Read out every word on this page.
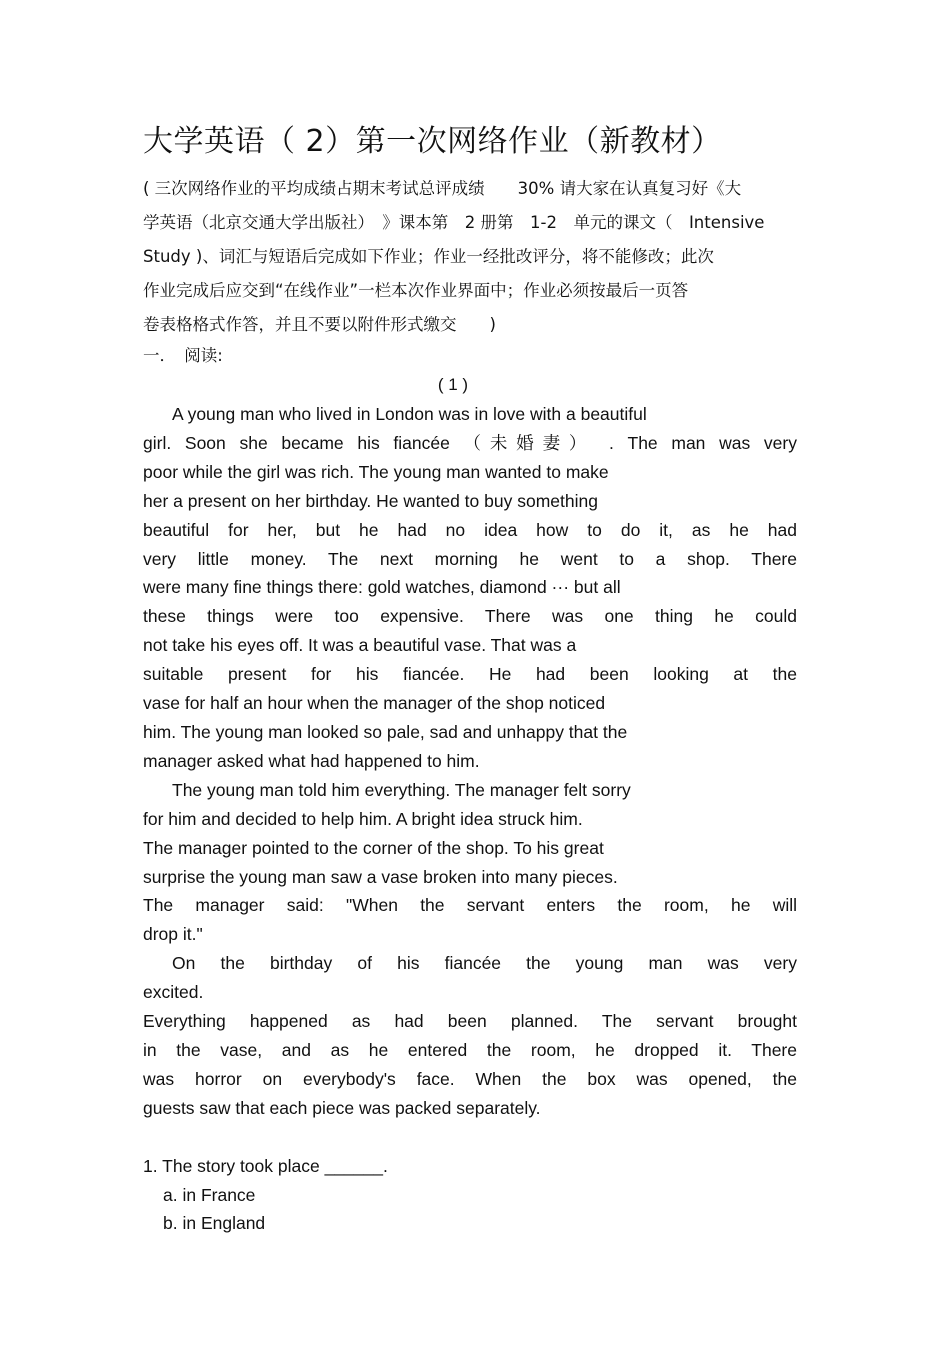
大学英语（ 2）第一次网络作业（新教材）

( 三次网络作业的平均成绩占期末考试总评成绩　　30% 请大家在认真复习好《大

学英语（北京交通大学出版社）　》课本第　2 册第　1-2　单元的课文（　Intensive

Study )、词汇与短语后完成如下作业；作业一经批改评分，将不能修改；此次

作业完成后应交到“在线作业”一栏本次作业界面中；作业必须按最后一页答

卷表格格式作答，并且不要以附件形式缴交　　)

一．　阅读:

( 1 )

A young man who lived in London was in love with a beautiful

girl. Soon she became his fiancée （未婚妻） . The man was very

poor while the girl was rich. The young man wanted to make

her a present on her birthday. He wanted to buy something

beautiful for her, but he had no idea how to do it, as he had

very little money. The next morning he went to a shop. There

were many fine things there: gold watches, diamond ··· but all

these things were too expensive. There was one thing he could

not take his eyes off. It was a beautiful vase. That was a

suitable present for his fiancée. He had been looking at the

vase for half an hour when the manager of the shop noticed

him. The young man looked so pale, sad and unhappy that the

manager asked what had happened to him.

The young man told him everything. The manager felt sorry

for him and decided to help him. A bright idea struck him.

The manager pointed to the corner of the shop. To his great

surprise the young man saw a vase broken into many pieces.

The manager said: "When the servant enters the room, he will

drop it."

On the birthday of his fiancée the young man was very

excited.

Everything happened as had been planned. The servant brought

in the vase, and as he entered the room, he dropped it. There

was horror on everybody's face. When the box was opened, the

guests saw that each piece was packed separately.

1. The story took place ______.

a. in France

b. in England
